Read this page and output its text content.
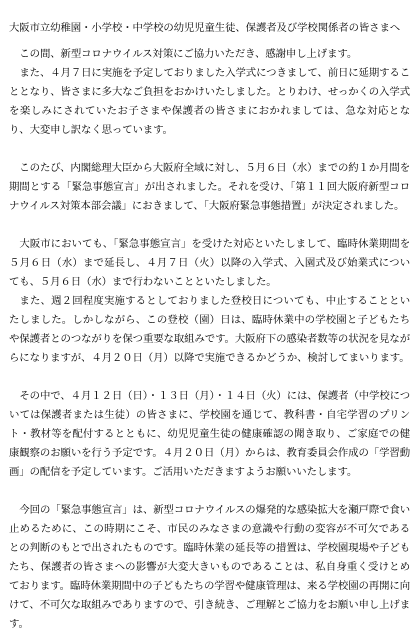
大阪市立幼稚園・小学校・中学校の幼児児童生徒、保護者及び学校関係者の皆さまへ

この間、新型コロナウイルス対策にご協力いただき、感謝申し上げます。

また、４月７日に実施を予定しておりました入学式につきまして、前日に延期することとなり、皆さまに多大なご負担をおかけいたしました。とりわけ、せっかくの入学式を楽しみにされていたお子さまや保護者の皆さまにおかれましては、急な対応となり、大変申し訳なく思っています。

このたび、内閣総理大臣から大阪府全域に対し、５月６日（水）までの約１か月間を期間とする「緊急事態宣言」が出されました。それを受け、「第１１回大阪府新型コロナウイルス対策本部会議」におきまして、「大阪府緊急事態措置」が決定されました。

大阪市においても、「緊急事態宣言」を受けた対応といたしまして、臨時休業期間を５月６日（水）まで延長し、４月７日（火）以降の入学式、入園式及び始業式についても、５月６日（水）まで行わないことといたしました。

また、週２回程度実施するとしておりました登校日についても、中止することといたしました。しかしながら、この登校（園）日は、臨時休業中の学校園と子どもたちや保護者とのつながりを保つ重要な取組みです。大阪府下の感染者数等の状況を見ながらになりますが、４月２０日（月）以降で実施できるかどうか、検討してまいります。

その中で、４月１２日（日）・１３日（月）・１４日（火）には、保護者（中学校については保護者または生徒）の皆さまに、学校園を通じて、教科書・自宅学習のプリント・教材等を配付するとともに、幼児児童生徒の健康確認の聞き取り、ご家庭での健康観察のお願いを行う予定です。４月２０日（月）からは、教育委員会作成の「学習動画」の配信を予定しています。ご活用いただきますようお願いいたします。

今回の「緊急事態宣言」は、新型コロナウイルスの爆発的な感染拡大を瀬戸際で食い止めるために、この時期にこそ、市民のみなさまの意識や行動の変容が不可欠であるとの判断のもとで出されたものです。臨時休業の延長等の措置は、学校園現場や子どもたち、保護者の皆さまへの影響が大変大きいものであることは、私自身重く受けとめております。臨時休業期間中の子どもたちの学習や健康管理は、来る学校園の再開に向けて、不可欠な取組みでありますので、引き続き、ご理解とご協力をお願い申し上げます。
